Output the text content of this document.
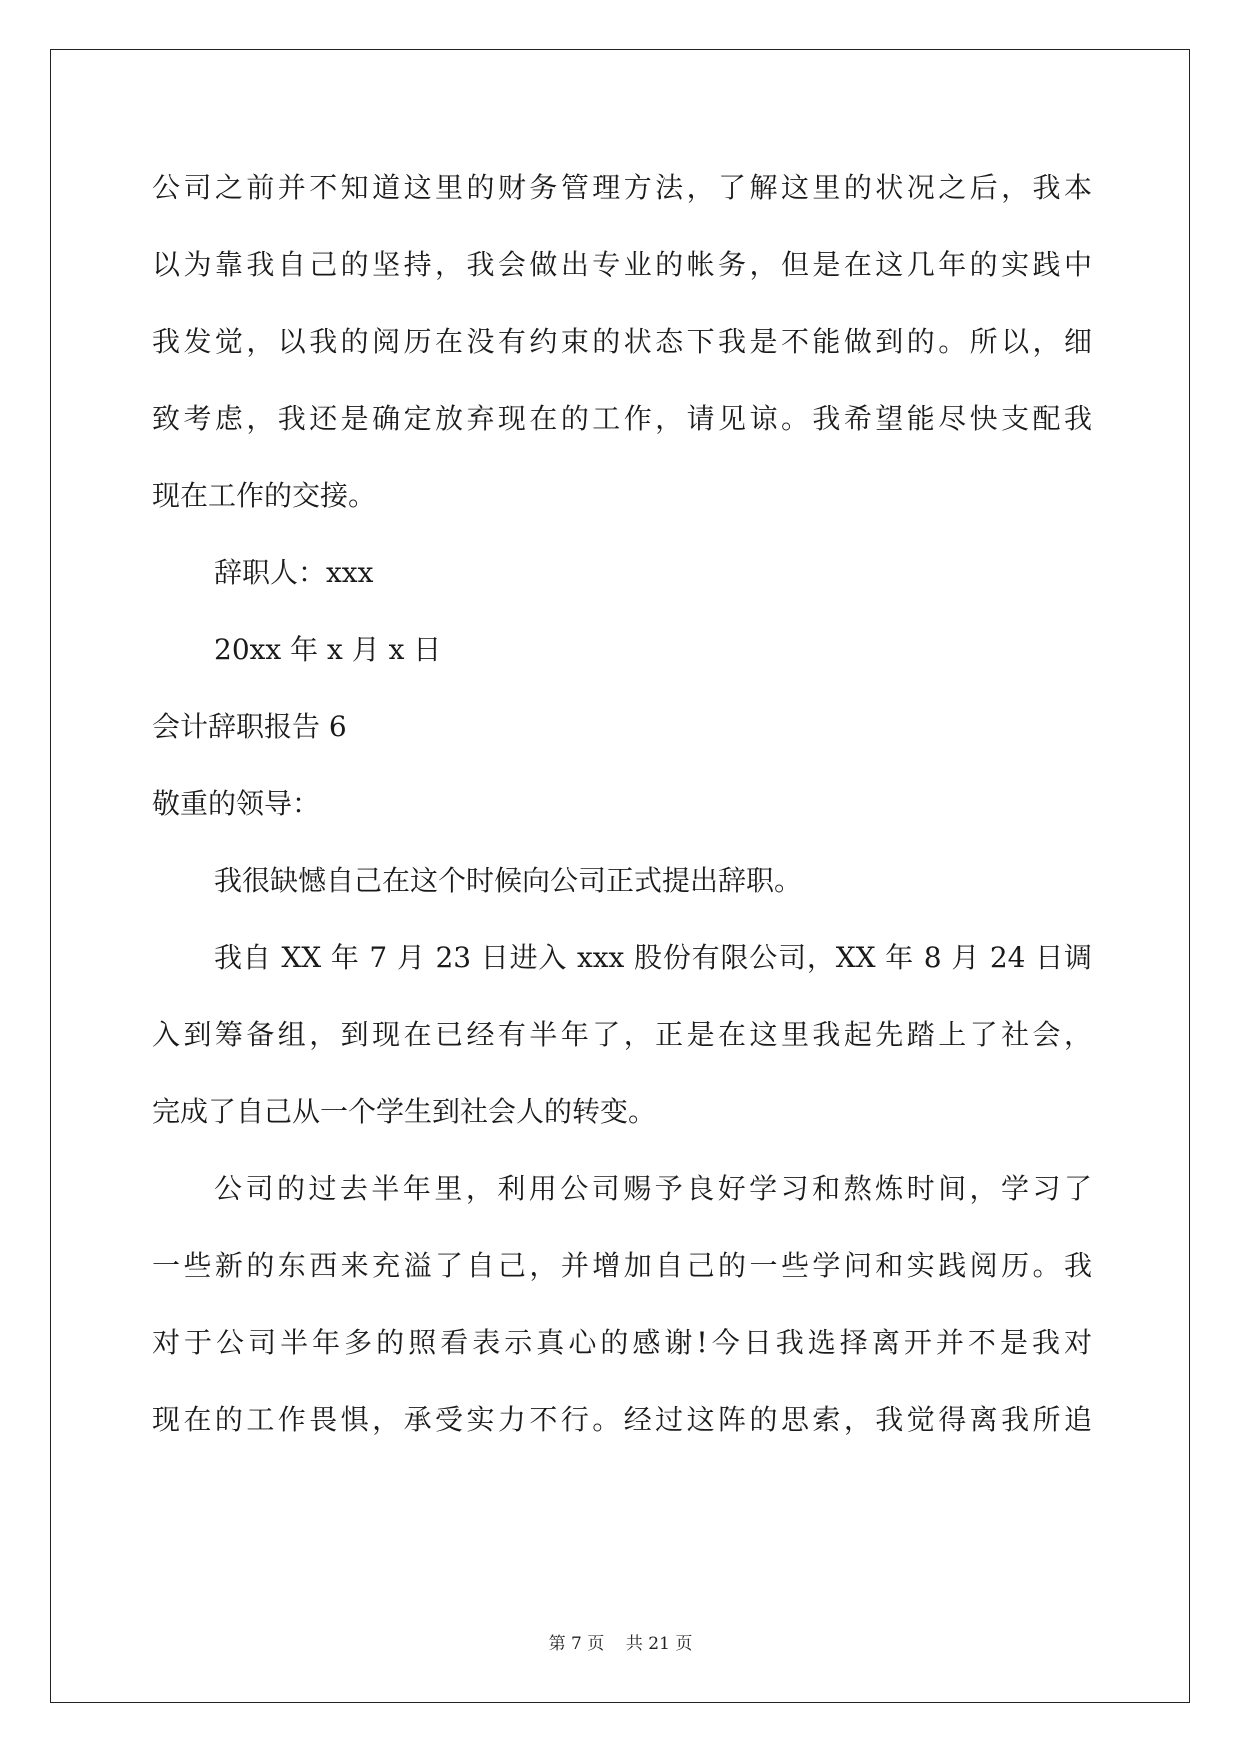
公司之前并不知道这里的财务管理方法，了解这里的状况之后，我本
以为靠我自己的坚持，我会做出专业的帐务，但是在这几年的实践中
我发觉，以我的阅历在没有约束的状态下我是不能做到的。所以，细
致考虑，我还是确定放弃现在的工作，请见谅。我希望能尽快支配我
现在工作的交接。
辞职人：xxx
20xx 年 x 月 x 日
会计辞职报告 6
敬重的领导：
我很缺憾自己在这个时候向公司正式提出辞职。
我自 XX 年 7 月 23 日进入 xxx 股份有限公司，XX 年 8 月 24 日调
入到筹备组，到现在已经有半年了，正是在这里我起先踏上了社会，
完成了自己从一个学生到社会人的转变。
公司的过去半年里，利用公司赐予良好学习和熬炼时间，学习了
一些新的东西来充溢了自己，并增加自己的一些学问和实践阅历。我
对于公司半年多的照看表示真心的感谢!今日我选择离开并不是我对
现在的工作畏惧，承受实力不行。经过这阵的思索，我觉得离我所追
第 7 页 共 21 页
